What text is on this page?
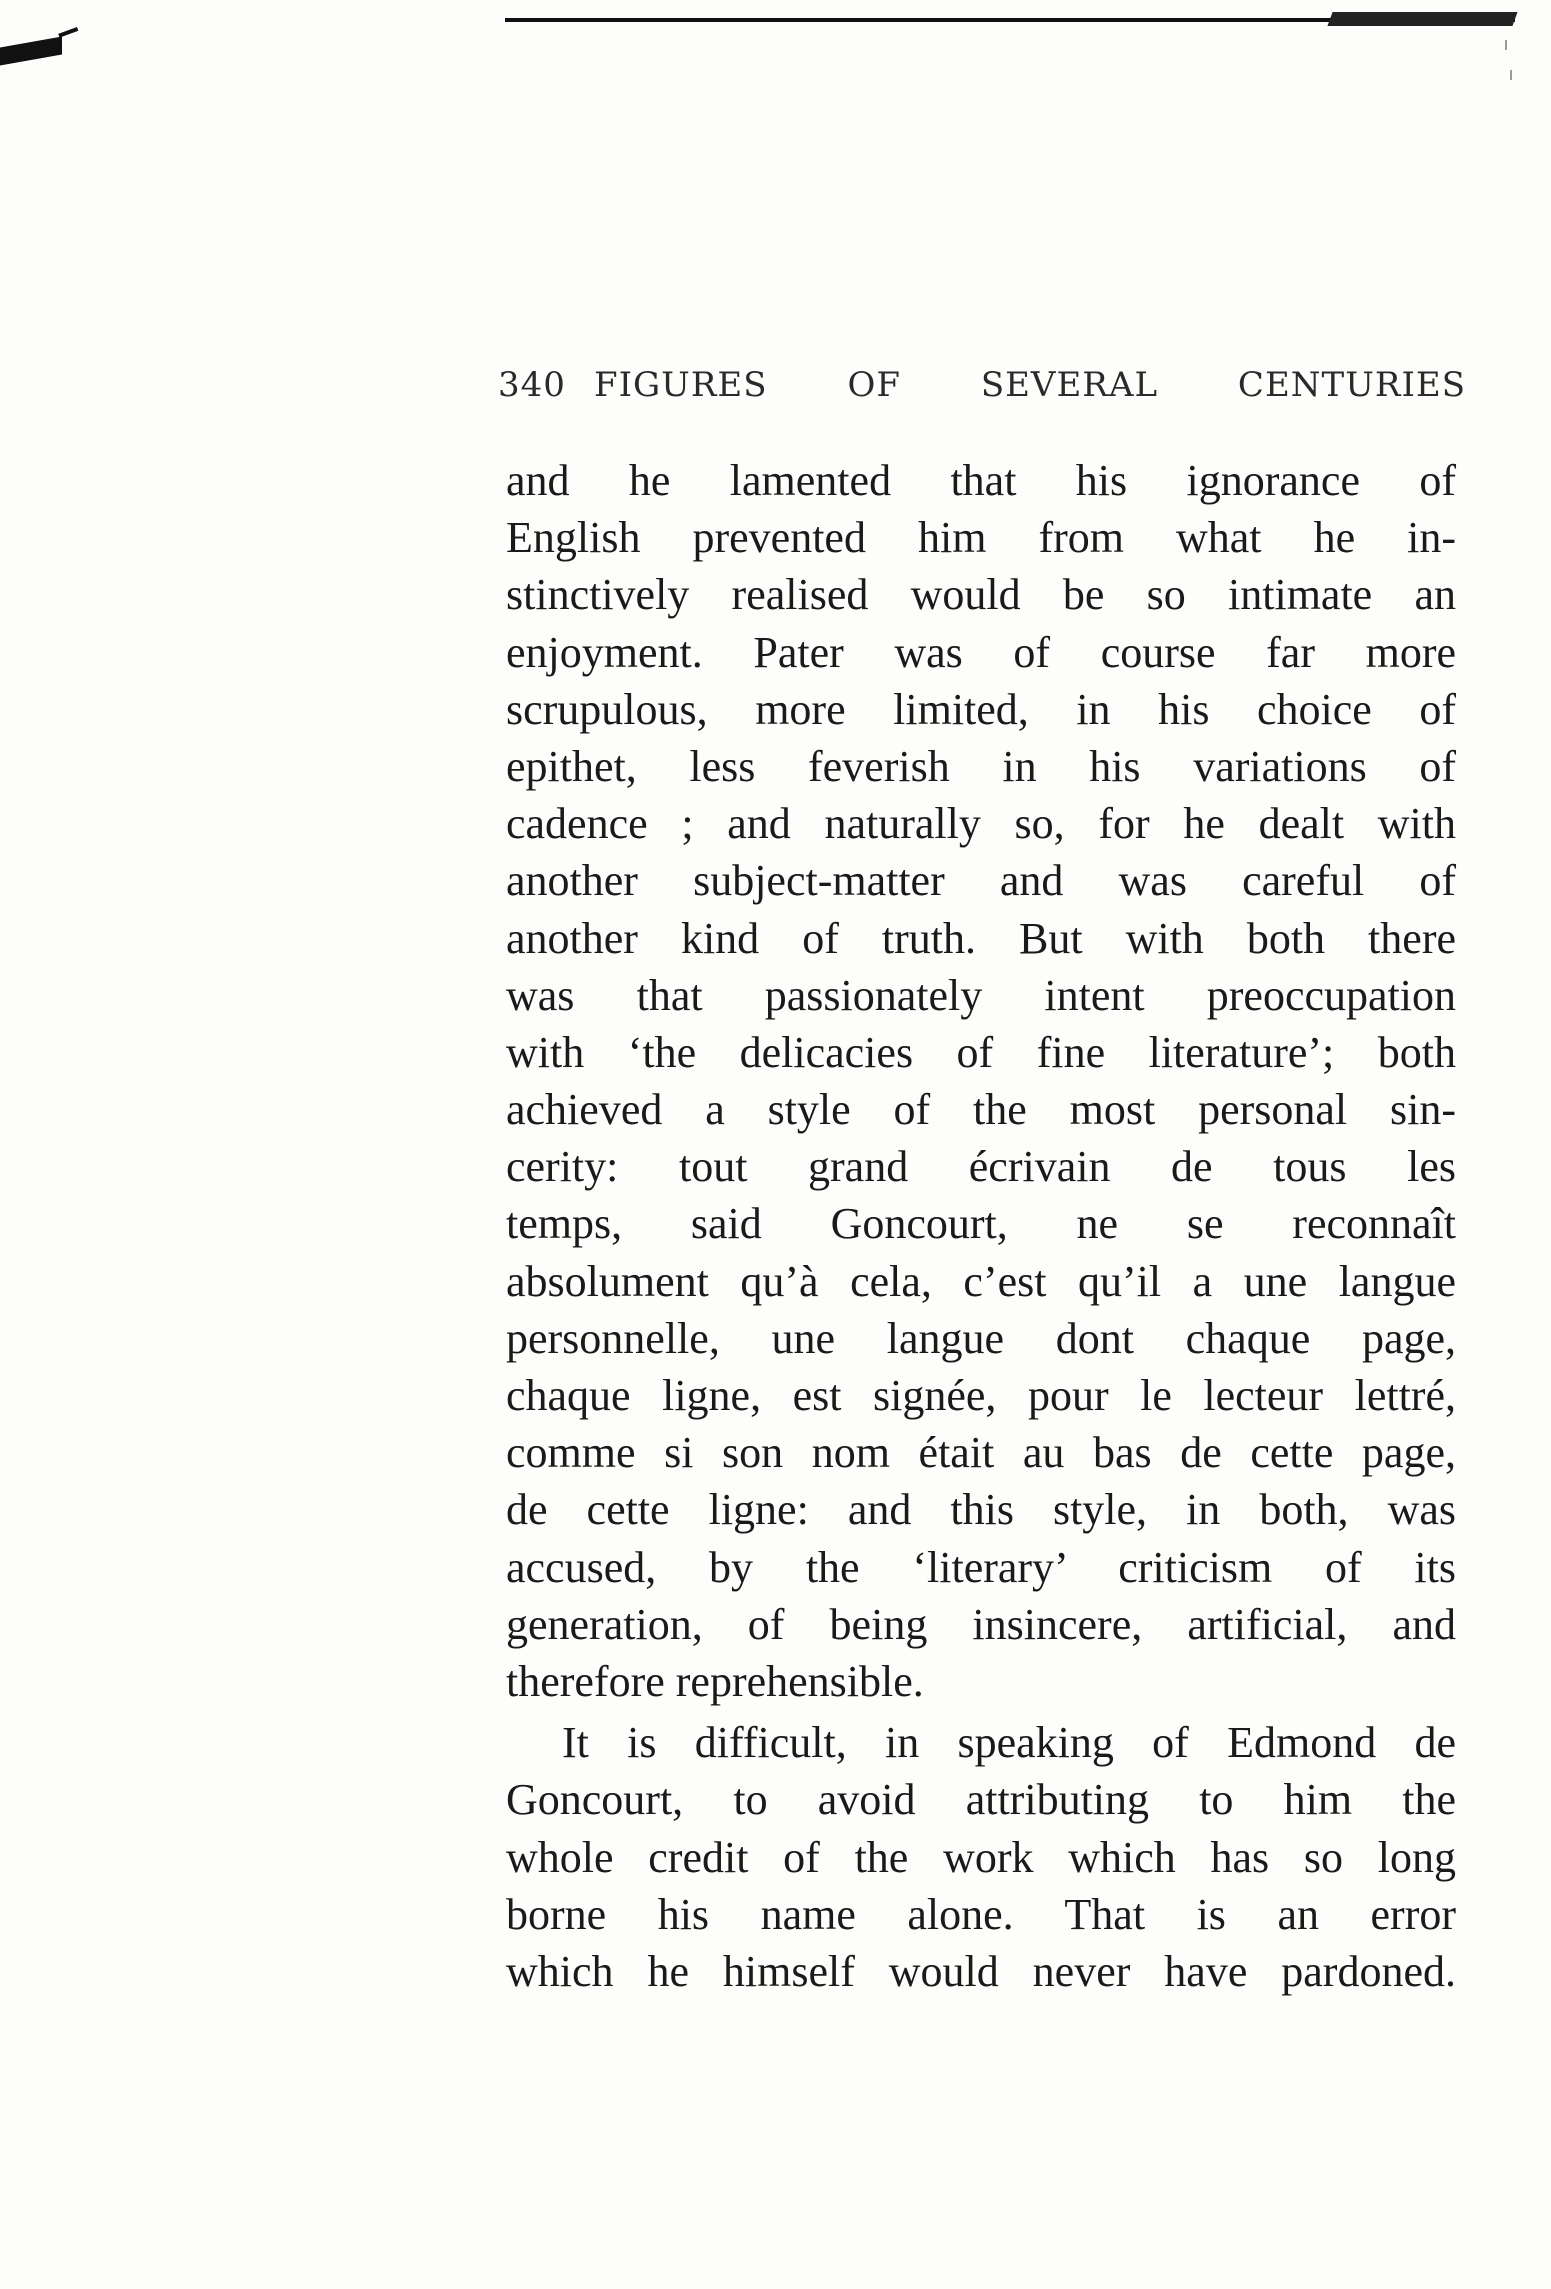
340 FIGURES OF SEVERAL CENTURIES
and he lamented that his ignorance of
English prevented him from what he in-
stinctively realised would be so intimate an
enjoyment. Pater was of course far more
scrupulous, more limited, in his choice of
epithet, less feverish in his variations of
cadence ; and naturally so, for he dealt with
another subject-matter and was careful of
another kind of truth. But with both there
was that passionately intent preoccupation
with ‘the delicacies of fine literature’; both
achieved a style of the most personal sin-
cerity: tout grand écrivain de tous les
temps, said Goncourt, ne se reconnaît
absolument qu’à cela, c’est qu’il a une langue
personnelle, une langue dont chaque page,
chaque ligne, est signée, pour le lecteur lettré,
comme si son nom était au bas de cette page,
de cette ligne: and this style, in both, was
accused, by the ‘literary’ criticism of its
generation, of being insincere, artificial, and
therefore reprehensible.
It is difficult, in speaking of Edmond de
Goncourt, to avoid attributing to him the
whole credit of the work which has so long
borne his name alone. That is an error
which he himself would never have pardoned.
